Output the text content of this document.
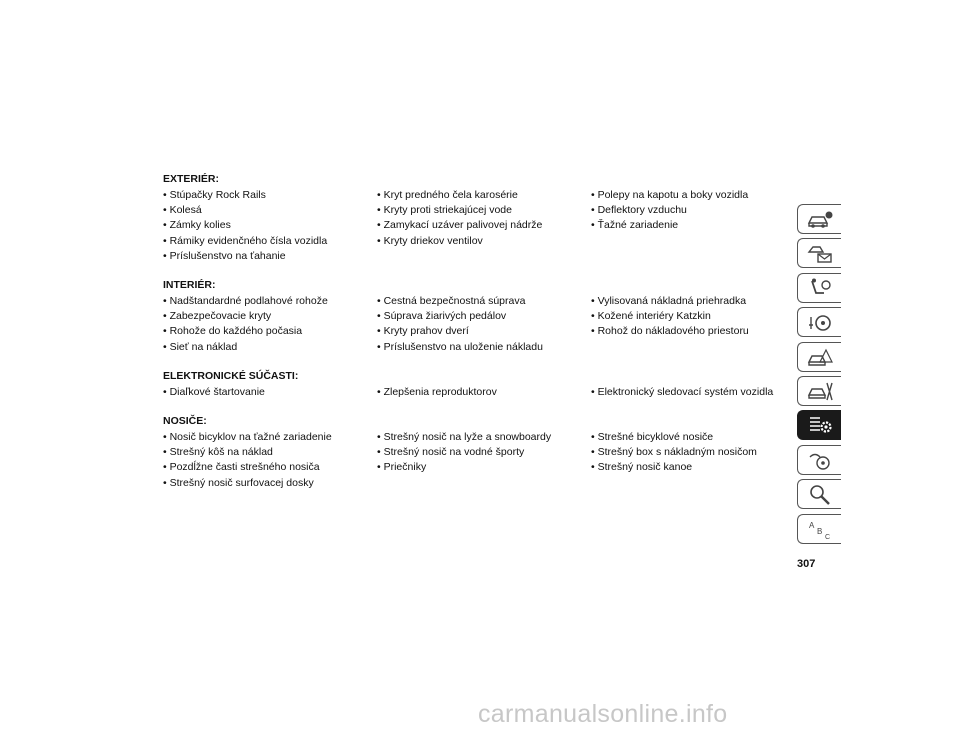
EXTERIÉR:
• Stúpačky Rock Rails
• Kolesá
• Zámky kolies
• Rámiky evidenčného čísla vozidla
• Príslušenstvo na ťahanie
• Kryt predného čela karosérie
• Kryty proti striekajúcej vode
• Zamykací uzáver palivovej nádrže
• Kryty driekov ventilov
• Polepy na kapotu a boky vozidla
• Deflektory vzduchu
• Ťažné zariadenie
INTERIÉR:
• Nadštandardné podlahové rohože
• Zabezpečovacie kryty
• Rohože do každého počasia
• Sieť na náklad
• Cestná bezpečnostná súprava
• Súprava žiarivých pedálov
• Kryty prahov dverí
• Príslušenstvo na uloženie nákladu
• Vylisovaná nákladná priehradka
• Kožené interiéry Katzkin
• Rohož do nákladového priestoru
ELEKTRONICKÉ SÚČASTI:
• Diaľkové štartovanie	• Zlepšenia reproduktorov	• Elektronický sledovací systém vozidla
NOSIČE:
• Nosič bicyklov na ťažné zariadenie
• Strešný kôš na náklad
• Pozdĺžne časti strešného nosiča
• Strešný nosič surfovacej dosky
• Strešný nosič na lyže a snowboardy
• Strešný nosič na vodné športy
• Priečniky
• Strešné bicyklové nosiče
• Strešný box s nákladným nosičom
• Strešný nosič kanoe
A
B
C
307
carmanualsonline.info
